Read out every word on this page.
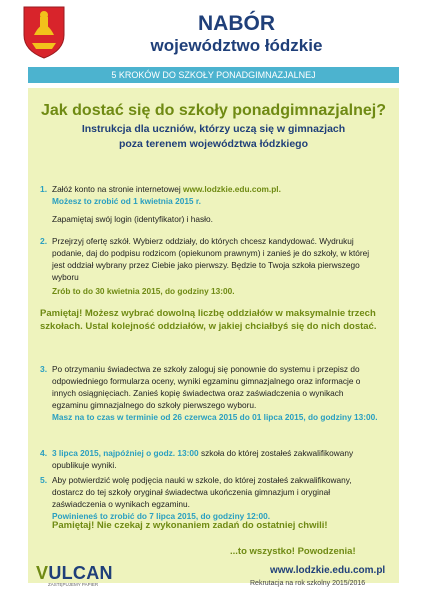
NABÓR
województwo łódzkie
5 KROKÓW DO SZKOŁY PONADGIMNAZJALNEJ
Jak dostać się do szkoły ponadgimnazjalnej?
Instrukcja dla uczniów, którzy uczą się w gimnazjach
poza terenem województwa łódzkiego
1. Załóż konto na stronie internetowej www.lodzkie.edu.com.pl.
Możesz to zrobić od 1 kwietnia 2015 r.
Zapamiętaj swój login (identyfikator) i hasło.
2. Przejrzyj ofertę szkół. Wybierz oddziały, do których chcesz kandydować. Wydrukuj podanie, daj do podpisu rodzicom (opiekunom prawnym) i zanieś je do szkoły, w której jest oddział wybrany przez Ciebie jako pierwszy. Będzie to Twoja szkoła pierwszego wyboru
Zrób to do 30 kwietnia 2015, do godziny 13:00.
Pamiętaj! Możesz wybrać dowolną liczbę oddziałów w maksymalnie trzech szkołach. Ustal kolejność oddziałów, w jakiej chciałbyś się do nich dostać.
3. Po otrzymaniu świadectwa ze szkoły zaloguj się ponownie do systemu i przepisz do odpowiedniego formularza oceny, wyniki egzaminu gimnazjalnego oraz informacje o innych osiągnięciach. Zanieś kopię świadectwa oraz zaświadczenia o wynikach egzaminu gimnazjalnego do szkoły pierwszego wyboru.
Masz na to czas w terminie od 26 czerwca 2015 do 01 lipca 2015, do godziny 13:00.
4. 3 lipca 2015, najpóźniej o godz. 13:00 szkoła do której zostałeś zakwalifikowany opublikuje wyniki.
5. Aby potwierdzić wolę podjęcia nauki w szkole, do której zostałeś zakwalifikowany, dostarcz do tej szkoły oryginał świadectwa ukończenia gimnazjum i oryginał zaświadczenia o wynikach egzaminu.
Powinieneś to zrobić do 7 lipca 2015, do godziny 12:00.
Pamiętaj! Nie czekaj z wykonaniem zadań do ostatniej chwili!
...to wszystko! Powodzenia!
VULCAN
ZASTĘPUJEMY PAPIER
www.lodzkie.edu.com.pl
Rekrutacja na rok szkolny 2015/2016
